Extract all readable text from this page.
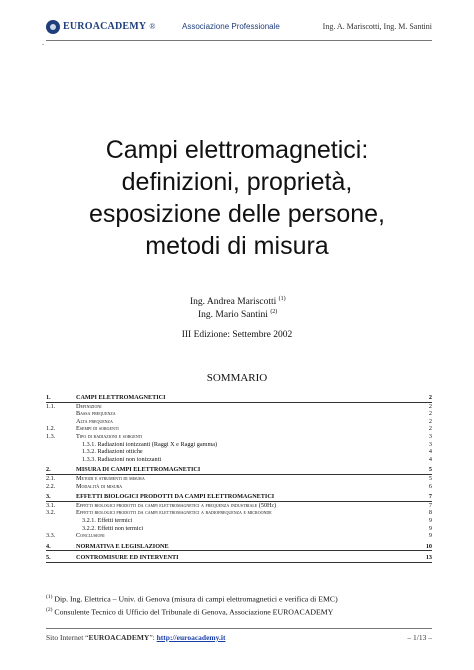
EUROACADEMY ®	Associazione Professionale	Ing. A. Mariscotti, Ing. M. Santini
-
Campi elettromagnetici:
definizioni, proprietà,
esposizione delle persone,
metodi di misura
Ing. Andrea Mariscotti $^{(1)}$
Ing. Mario Santini $^{(2)}$
III Edizione: Settembre 2002
SOMMARIO
1.	CAMPI ELETTROMAGNETICI	2
1.1.	Definizioni	2
Bassa frequenza	2
Alta frequenza	2
1.2.	Esempi di sorgenti	2
1.3.	Tipo di radiazioni e sorgenti	3
1.3.1. Radiazioni ionizzanti (Raggi X e Raggi gamma)	3
1.3.2. Radiazioni ottiche	4
1.3.3. Radiazioni non ionizzanti	4
2.	MISURA DI CAMPI ELETTROMAGNETICI	5
2.1.	Metodi e strumenti di misura	5
2.2.	Modalità di misura	6
3.	EFFETTI BIOLOGICI PRODOTTI DA CAMPI ELETTROMAGNETICI	7
3.1.	Effetti biologici prodotti da campi elettromagnetici a frequenza industriale (50Hz)	7
3.2.	Effetti biologici prodotti da campi elettromagnetici a radiofrequenza e microonde	8
3.2.1. Effetti termici	9
3.2.2. Effetti non termici	9
3.3.	Conclusioni	9
4.	NORMATIVA E LEGISLAZIONE	10
5.	CONTROMISURE ED INTERVENTI	13
$^{(1)}$ Dip. Ing. Elettrica – Univ. di Genova (misura di campi elettromagnetici e verifica di EMC)
$^{(2)}$ Consulente Tecnico di Ufficio del Tribunale di Genova, Associazione EUROACADEMY
Sito Internet “EUROACADEMY”: http://euroacademy.it	– 1/13 –
